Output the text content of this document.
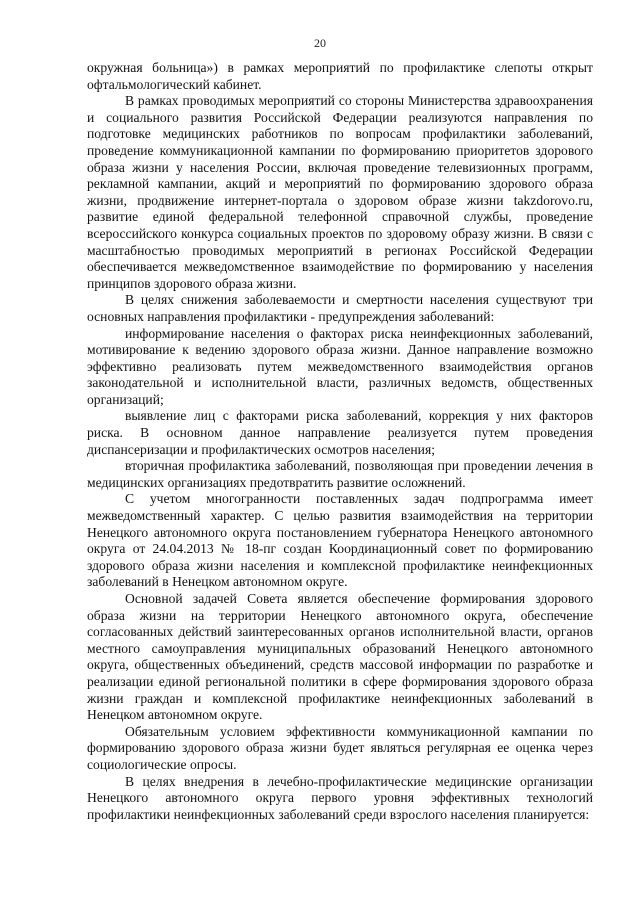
20

окружная больница») в рамках мероприятий по профилактике слепоты открыт офтальмологический кабинет.

В рамках проводимых мероприятий со стороны Министерства здравоохранения и социального развития Российской Федерации реализуются направления по подготовке медицинских работников по вопросам профилактики заболеваний, проведение коммуникационной кампании по формированию приоритетов здорового образа жизни у населения России, включая проведение телевизионных программ, рекламной кампании, акций и мероприятий по формированию здорового образа жизни, продвижение интернет-портала о здоровом образе жизни takzdorovo.ru, развитие единой федеральной телефонной справочной службы, проведение всероссийского конкурса социальных проектов по здоровому образу жизни. В связи с масштабностью проводимых мероприятий в регионах Российской Федерации обеспечивается межведомственное взаимодействие по формированию у населения принципов здорового образа жизни.

В целях снижения заболеваемости и смертности населения существуют три основных направления профилактики - предупреждения заболеваний:

информирование населения о факторах риска неинфекционных заболеваний, мотивирование к ведению здорового образа жизни. Данное направление возможно эффективно реализовать путем межведомственного взаимодействия органов законодательной и исполнительной власти, различных ведомств, общественных организаций;

выявление лиц с факторами риска заболеваний, коррекция у них факторов риска. В основном данное направление реализуется путем проведения диспансеризации и профилактических осмотров населения;

вторичная профилактика заболеваний, позволяющая при проведении лечения в медицинских организациях предотвратить развитие осложнений.

С учетом многогранности поставленных задач подпрограмма имеет межведомственный характер. С целью развития взаимодействия на территории Ненецкого автономного округа постановлением губернатора Ненецкого автономного округа от 24.04.2013 № 18-пг создан Координационный совет по формированию здорового образа жизни населения и комплексной профилактике неинфекционных заболеваний в Ненецком автономном округе.

Основной задачей Совета является обеспечение формирования здорового образа жизни на территории Ненецкого автономного округа, обеспечение согласованных действий заинтересованных органов исполнительной власти, органов местного самоуправления муниципальных образований Ненецкого автономного округа, общественных объединений, средств массовой информации по разработке и реализации единой региональной политики в сфере формирования здорового образа жизни граждан и комплексной профилактике неинфекционных заболеваний в Ненецком автономном округе.

Обязательным условием эффективности коммуникационной кампании по формированию здорового образа жизни будет являться регулярная ее оценка через социологические опросы.

В целях внедрения в лечебно-профилактические медицинские организации Ненецкого автономного округа первого уровня эффективных технологий профилактики неинфекционных заболеваний среди взрослого населения планируется:
